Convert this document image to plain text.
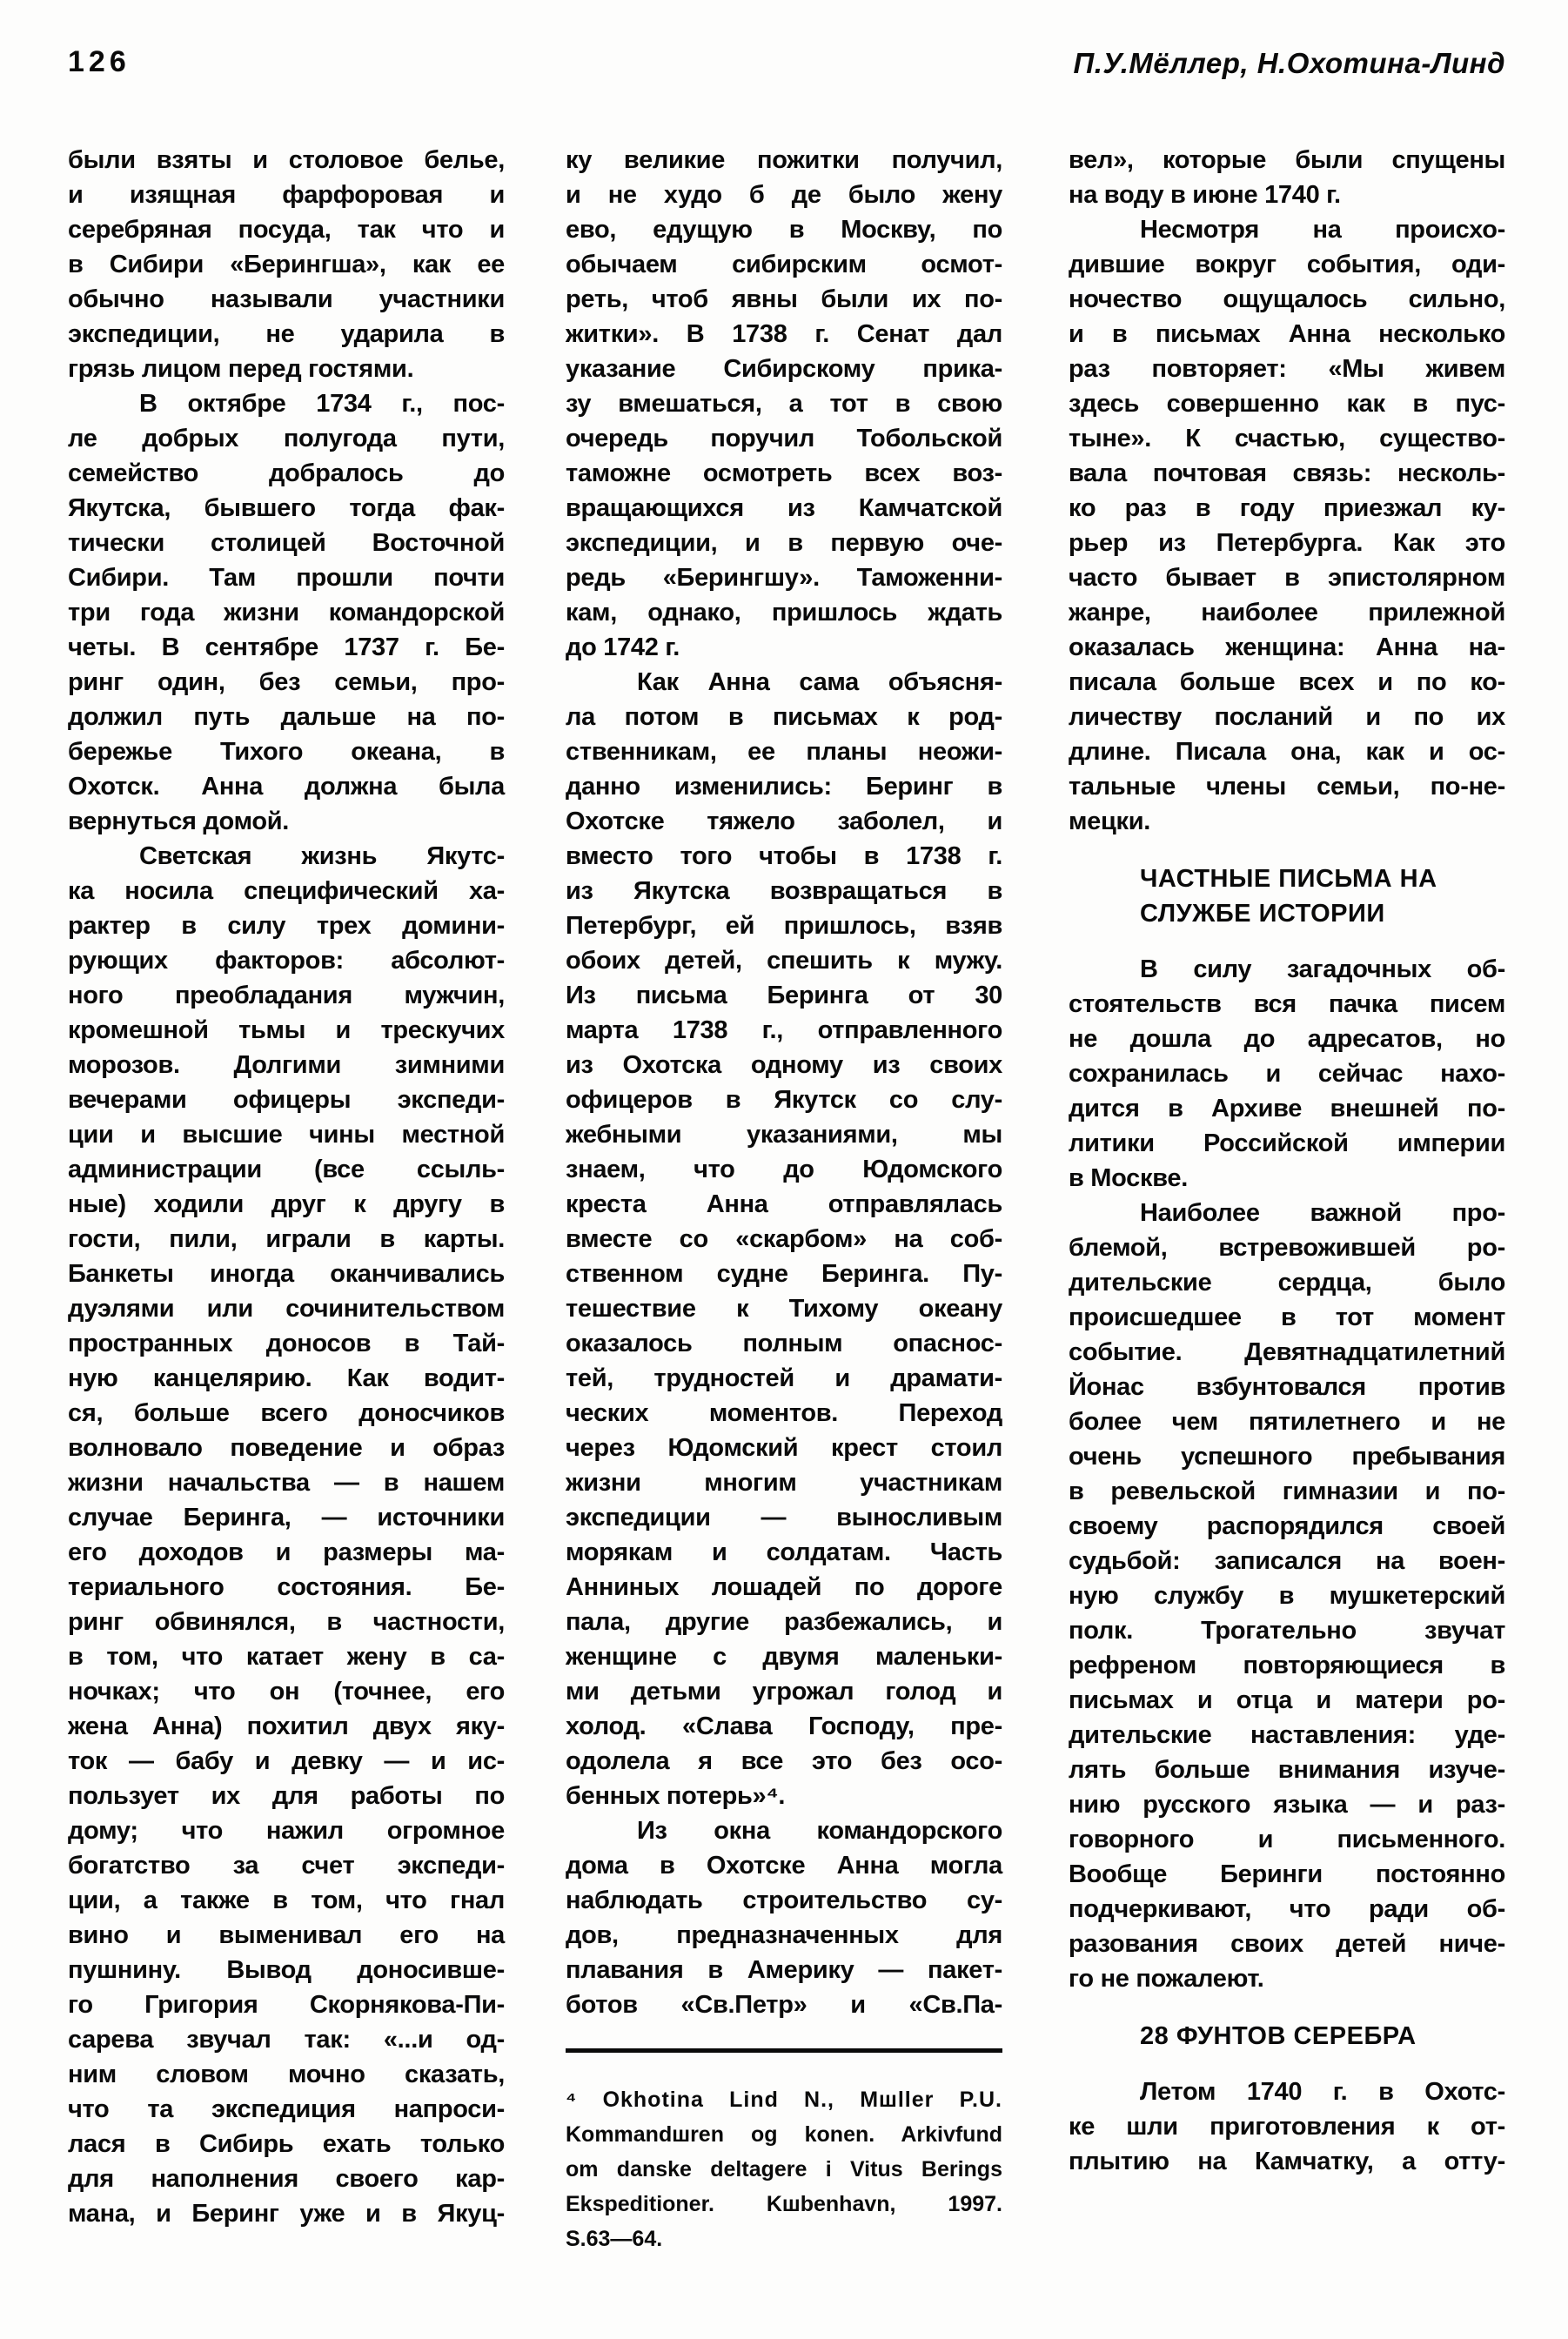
126	П.У.Мёллер, Н.Охотина-Линд
были взяты и столовое белье,
и изящная фарфоровая и
серебряная посуда, так что и
в Сибири «Берингша», как ее
обычно называли участники
экспедиции, не ударила в
грязь лицом перед гостями.
В октябре 1734 г., пос-
ле добрых полугода пути,
семейство добралось до
Якутска, бывшего тогда фак-
тически столицей Восточной
Сибири. Там прошли почти
три года жизни командорской
четы. В сентябре 1737 г. Бе-
ринг один, без семьи, про-
должил путь дальше на по-
бережье Тихого океана, в
Охотск. Анна должна была
вернуться домой.
Светская жизнь Якутс-
ка носила специфический ха-
рактер в силу трех домини-
рующих факторов: абсолют-
ного преобладания мужчин,
кромешной тьмы и трескучих
морозов. Долгими зимними
вечерами офицеры экспеди-
ции и высшие чины местной
администрации (все ссыль-
ные) ходили друг к другу в
гости, пили, играли в карты.
Банкеты иногда оканчивались
дуэлями или сочинительством
пространных доносов в Тай-
ную канцелярию. Как водит-
ся, больше всего доносчиков
волновало поведение и образ
жизни начальства — в нашем
случае Беринга, — источники
его доходов и размеры ма-
териального состояния. Бе-
ринг обвинялся, в частности,
в том, что катает жену в са-
ночках; что он (точнее, его
жена Анна) похитил двух яку-
ток — бабу и девку — и ис-
пользует их для работы по
дому; что нажил огромное
богатство за счет экспеди-
ции, а также в том, что гнал
вино и выменивал его на
пушнину. Вывод доносивше-
го Григория Скорнякова-Пи-
сарева звучал так: «...и од-
ним словом мочно сказать,
что та экспедиция напроси-
лася в Сибирь ехать только
для наполнения своего кар-
мана, и Беринг уже и в Якуц-
ку великие пожитки получил,
и не худо б де было жену
ево, едущую в Москву, по
обычаем сибирским осмот-
реть, чтоб явны были их по-
житки». В 1738 г. Сенат дал
указание Сибирскому прика-
зу вмешаться, а тот в свою
очередь поручил Тобольской
таможне осмотреть всех воз-
вращающихся из Камчатской
экспедиции, и в первую оче-
редь «Берингшу». Таможенни-
кам, однако, пришлось ждать
до 1742 г.
Как Анна сама объясня-
ла потом в письмах к род-
ственникам, ее планы неожи-
данно изменились: Беринг в
Охотске тяжело заболел, и
вместо того чтобы в 1738 г.
из Якутска возвращаться в
Петербург, ей пришлось, взяв
обоих детей, спешить к мужу.
Из письма Беринга от 30
марта 1738 г., отправленного
из Охотска одному из своих
офицеров в Якутск со слу-
жебными указаниями, мы
знаем, что до Юдомского
креста Анна отправлялась
вместе со «скарбом» на соб-
ственном судне Беринга. Пу-
тешествие к Тихому океану
оказалось полным опаснос-
тей, трудностей и драмати-
ческих моментов. Переход
через Юдомский крест стоил
жизни многим участникам
экспедиции — выносливым
морякам и солдатам. Часть
Анниных лошадей по дороге
пала, другие разбежались, и
женщине с двумя маленьки-
ми детьми угрожал голод и
холод. «Слава Господу, пре-
одолела я все это без осо-
бенных потерь»⁴.
Из окна командорского
дома в Охотске Анна могла
наблюдать строительство су-
дов, предназначенных для
плавания в Америку — пакет-
ботов «Св.Петр» и «Св.Па-
⁴ Okhotina Lind N., Mшller P.U.
Kommandшren og konen. Arkivfund
om danske deltagere i Vitus Berings
Ekspeditioner. Kшbenhavn, 1997.
S.63—64.
вел», которые были спущены
на воду в июне 1740 г.
Несмотря на происхо-
дившие вокруг события, оди-
ночество ощущалось сильно,
и в письмах Анна несколько
раз повторяет: «Мы живем
здесь совершенно как в пус-
тыне». К счастью, существо-
вала почтовая связь: несколь-
ко раз в году приезжал ку-
рьер из Петербурга. Как это
часто бывает в эпистолярном
жанре, наиболее прилежной
оказалась женщина: Анна на-
писала больше всех и по ко-
личеству посланий и по их
длине. Писала она, как и ос-
тальные члены семьи, по-не-
мецки.
ЧАСТНЫЕ ПИСЬМА НА
СЛУЖБЕ ИСТОРИИ
В силу загадочных об-
стоятельств вся пачка писем
не дошла до адресатов, но
сохранилась и сейчас нахо-
дится в Архиве внешней по-
литики Российской империи
в Москве.
Наиболее важной про-
блемой, встревожившей ро-
дительские сердца, было
происшедшее в тот момент
событие. Девятнадцатилетний
Йонас взбунтовался против
более чем пятилетнего и не
очень успешного пребывания
в ревельской гимназии и по-
своему распорядился своей
судьбой: записался на воен-
ную службу в мушкетерский
полк. Трогательно звучат
рефреном повторяющиеся в
письмах и отца и матери ро-
дительские наставления: уде-
лять больше внимания изуче-
нию русского языка — и раз-
говорного и письменного.
Вообще Беринги постоянно
подчеркивают, что ради об-
разования своих детей ниче-
го не пожалеют.
28 ФУНТОВ СЕРЕБРА
Летом 1740 г. в Охотс-
ке шли приготовления к от-
плытию на Камчатку, а отту-
